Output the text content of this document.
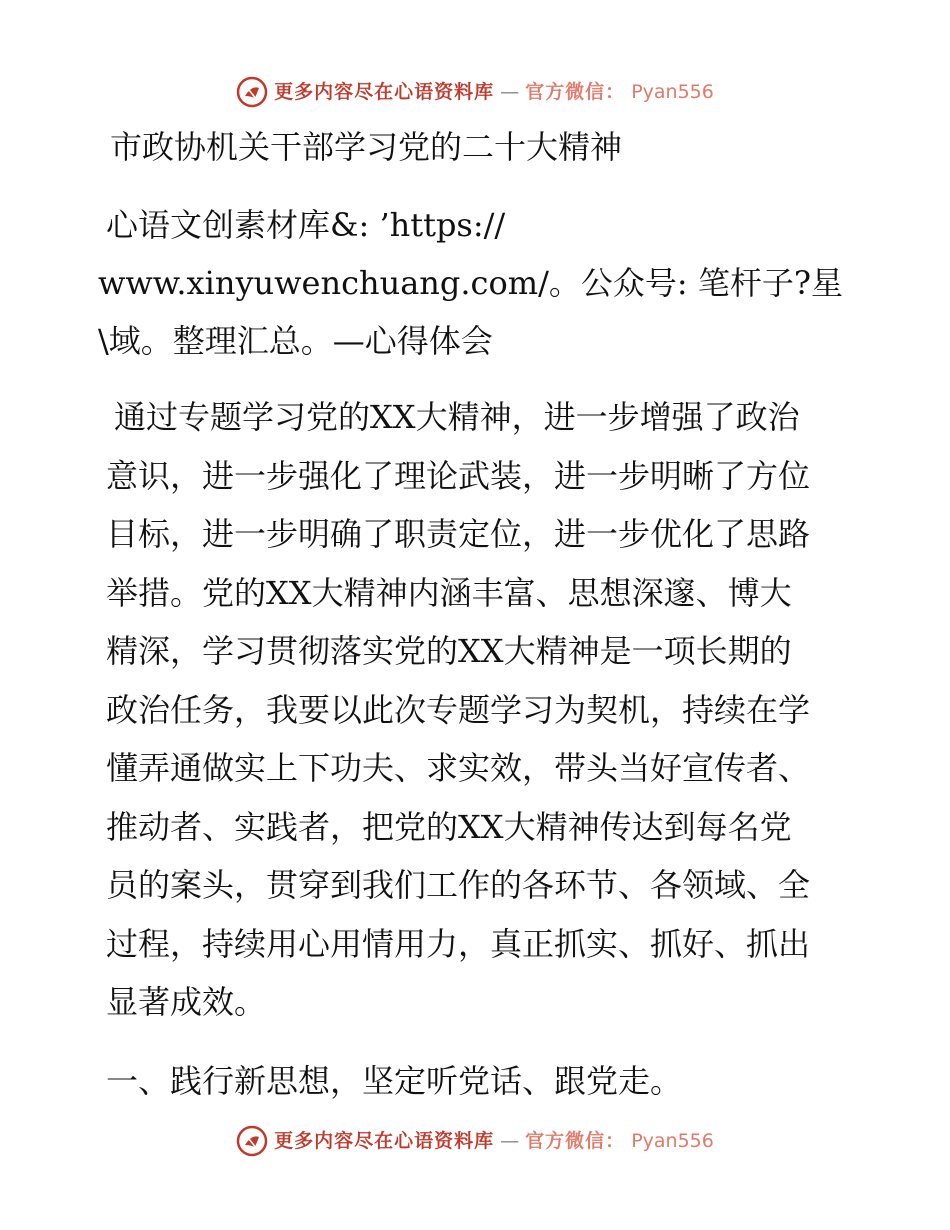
更多内容尽在心语资料库 — 官方微信： Pyan556
市政协机关干部学习党的二十大精神
心语文创素材库&: ’https://
www.xinyuwenchuang.com/。公众号: 笔杆子?星
\域。整理汇总。—心得体会

通过专题学习党的XX大精神，进一步增强了政治
意识，进一步强化了理论武装，进一步明晰了方位
目标，进一步明确了职责定位，进一步优化了思路
举措。党的XX大精神内涵丰富、思想深邃、博大
精深，学习贯彻落实党的XX大精神是一项长期的
政治任务，我要以此次专题学习为契机，持续在学
懂弄通做实上下功夫、求实效，带头当好宣传者、
推动者、实践者，把党的XX大精神传达到每名党
员的案头，贯穿到我们工作的各环节、各领域、全
过程，持续用心用情用力，真正抓实、抓好、抓出
显著成效。

一、践行新思想，坚定听党话、跟党走。
更多内容尽在心语资料库 — 官方微信： Pyan556
